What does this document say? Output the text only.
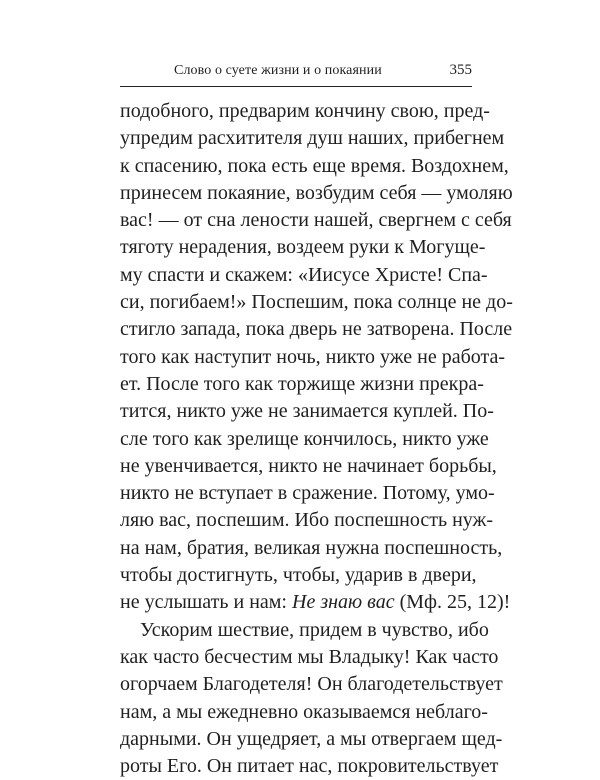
Слово о суете жизни и о покаянии	355
подобного, предварим кончину свою, пред-
упредим расхитителя душ наших, прибегнем
к спасению, пока есть еще время. Воздохнем,
принесем покаяние, возбудим себя — умоляю
вас! — от сна лености нашей, свергнем с себя
тяготу нерадения, воздеем руки к Могуще-
му спасти и скажем: «Иисусе Христе! Спа-
си, погибаем!» Поспешим, пока солнце не до-
стигло запада, пока дверь не затворена. После
того как наступит ночь, никто уже не работа-
ет. После того как торжище жизни прекра-
тится, никто уже не занимается куплей. По-
сле того как зрелище кончилось, никто уже
не увенчивается, никто не начинает борьбы,
никто не вступает в сражение. Потому, умо-
ляю вас, поспешим. Ибо поспешность нуж-
на нам, братия, великая нужна поспешность,
чтобы достигнуть, чтобы, ударив в двери,
не услышать и нам: Не знаю вас (Мф. 25, 12)!
Ускорим шествие, придем в чувство, ибо
как часто бесчестим мы Владыку! Как часто
огорчаем Благодетеля! Он благодетельствует
нам, а мы ежедневно оказываемся неблаго-
дарными. Он ущедряет, а мы отвергаем щед-
роты Его. Он питает нас, покровительствует
